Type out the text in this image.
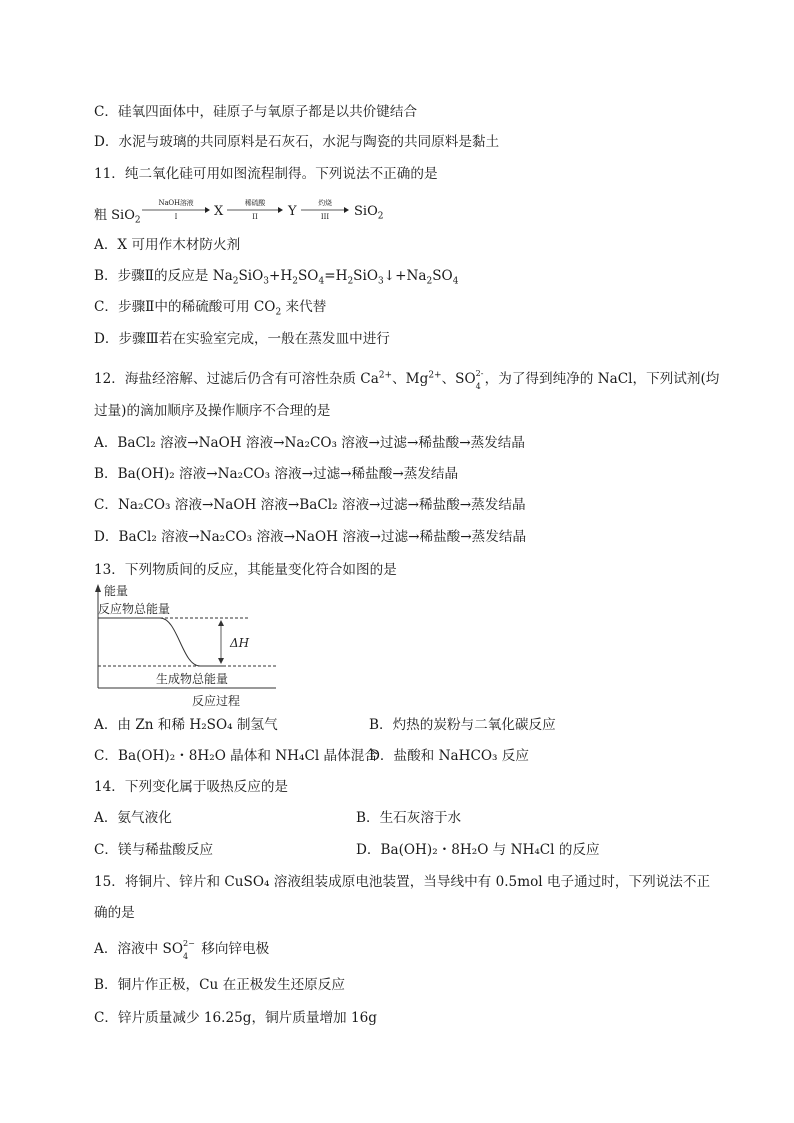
C．硅氧四面体中，硅原子与氧原子都是以共价键结合
D．水泥与玻璃的共同原料是石灰石，水泥与陶瓷的共同原料是黏土
11．纯二氧化硅可用如图流程制得。下列说法不正确的是
粗 SiO$_2$
NaOH溶液
I	X
稀硫酸
II	Y
灼烧
III	SiO$_2$
A．X 可用作木材防火剂
B．步骤Ⅱ的反应是 $Na_2SiO_3+H_2SO_4=H_2SiO_3↓+Na_2SO_4$
C．步骤Ⅱ中的稀硫酸可用 $CO_2$ 来代替
D．步骤Ⅲ若在实验室完成，一般在蒸发皿中进行
12．海盐经溶解、过滤后仍含有可溶性杂质 $Ca^{2+}$、$Mg^{2+}$、SO 2-
4 ，为了得到纯净的 NaCl，下列试剂(均
过量)的滴加顺序及操作顺序不合理的是
A．BaCl₂ 溶液→NaOH 溶液→Na₂CO₃ 溶液→过滤→稀盐酸→蒸发结晶
B．Ba(OH)₂ 溶液→Na₂CO₃ 溶液→过滤→稀盐酸→蒸发结晶
C．Na₂CO₃ 溶液→NaOH 溶液→BaCl₂ 溶液→过滤→稀盐酸→蒸发结晶
D．BaCl₂ 溶液→Na₂CO₃ 溶液→NaOH 溶液→过滤→稀盐酸→蒸发结晶
13．下列物质间的反应，其能量变化符合如图的是
能量
反应物总能量
ΔH
生成物总能量
反应过程
A．由 Zn 和稀 H₂SO₄ 制氢气	B．灼热的炭粉与二氧化碳反应
C．Ba(OH)₂・8H₂O 晶体和 NH₄Cl 晶体混合
D．盐酸和 NaHCO₃ 反应
14．下列变化属于吸热反应的是
A．氨气液化	B．生石灰溶于水
C．镁与稀盐酸反应	D．Ba(OH)₂・8H₂O 与 NH₄Cl 的反应
15．将铜片、锌片和 CuSO₄ 溶液组装成原电池装置，当导线中有 0.5mol 电子通过时，下列说法不正
确的是
A．溶液中 SO 2−
4 移向锌电极
B．铜片作正极，Cu 在正极发生还原反应
C．锌片质量减少 16.25g，铜片质量增加 16g
